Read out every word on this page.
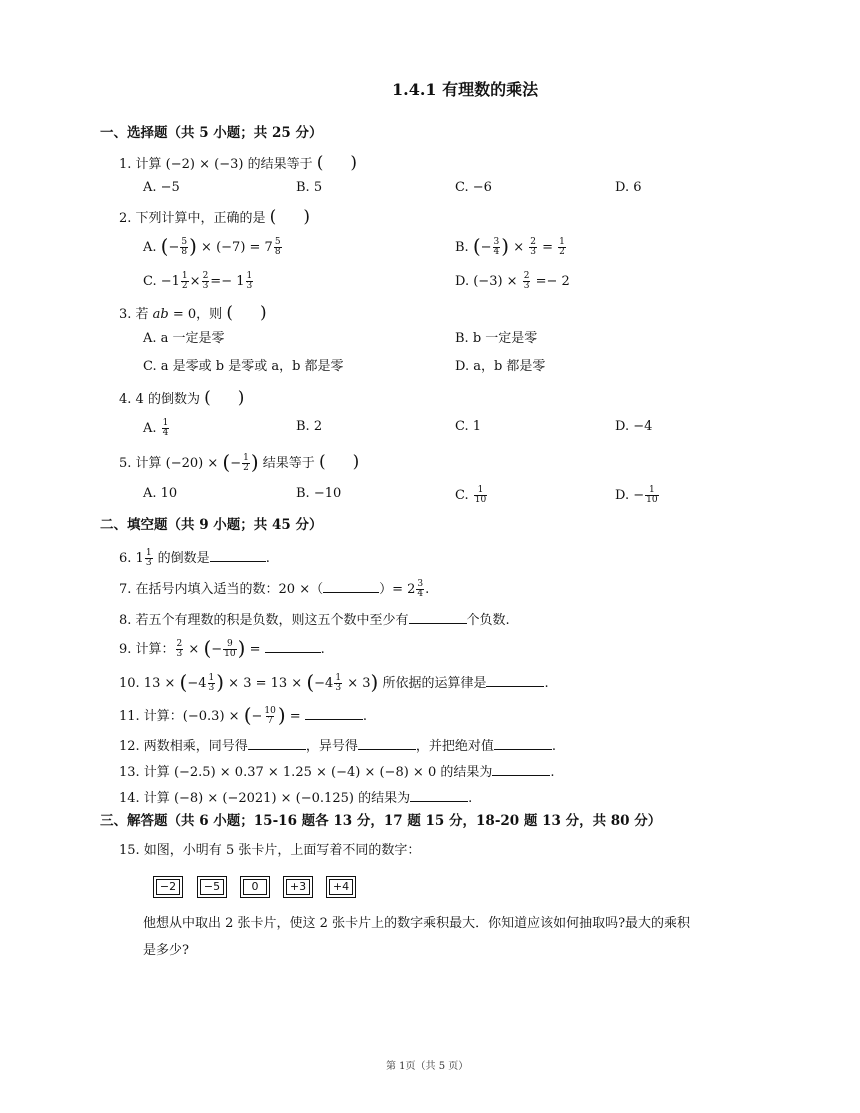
1.4.1 有理数的乘法
一、选择题（共 5 小题；共 25 分）
1. 计算 (−2) × (−3) 的结果等于 (     )
A. −5	B. 5	C. −6	D. 6
2. 下列计算中，正确的是 (     )
A. (− $\frac{5}{8}$ ) × $(-7) = 7 \frac{5}{8}$	B. (− $\frac{3}{4}$ ) × $\frac{2}{3} = \frac{1}{2}$
C. $-1 \frac{1}{2} \times \frac{2}{3} =- 1 \frac{1}{3}$	D. $(-3) \times \frac{2}{3} =- 2$
3. 若 ab = 0，则 (     )
A. a 一定是零	B. b 一定是零
C. a 是零或 b 是零或 a，b 都是零	D. a，b 都是零
4. 4 的倒数为 (     )
A. $\frac{1}{4}$	B. 2	C. 1	D. −4
5. 计算 (−20) × (− $\frac{1}{2}$ ) 结果等于 (     )
A. 10	B. −10	C. $\frac{1}{10}$	D. − $\frac{1}{10}$
二、填空题（共 9 小题；共 45 分）
6. $1 \frac{1}{3}$ 的倒数是	.
7. 在括号内填入适当的数：20 ×（	）= $2 \frac{3}{4}$ .
8. 若五个有理数的积是负数，则这五个数中至少有	个负数.
9. 计算： $\frac{2}{3}$ × (− $\frac{9}{10}$ ) =	.
10. $13 \times (-4 \frac{1}{3}$ ) × $3 = 13 \times (-4 \frac{1}{3} \times 3)$ 所依据的运算律是	.
11. 计算：(−0.3) × (− $\frac{10}{7}$ ) =	.
12. 两数相乘，同号得	，异号得	，并把绝对值	.
13. 计算 (−2.5) × 0.37 × 1.25 × (−4) × (−8) × 0 的结果为	.
14. 计算 (−8) × (−2021) × (−0.125) 的结果为	.
三、解答题（共 6 小题；15-16 题各 13 分，17 题 15 分，18-20 题 13 分，共 80 分）
15. 如图，小明有 5 张卡片，上面写着不同的数字：
−2	−5	0	+3	+4
他想从中取出 2 张卡片，使这 2 张卡片上的数字乘积最大．你知道应该如何抽取吗?最大的乘积
是多少?
第 1页（共 5 页）
